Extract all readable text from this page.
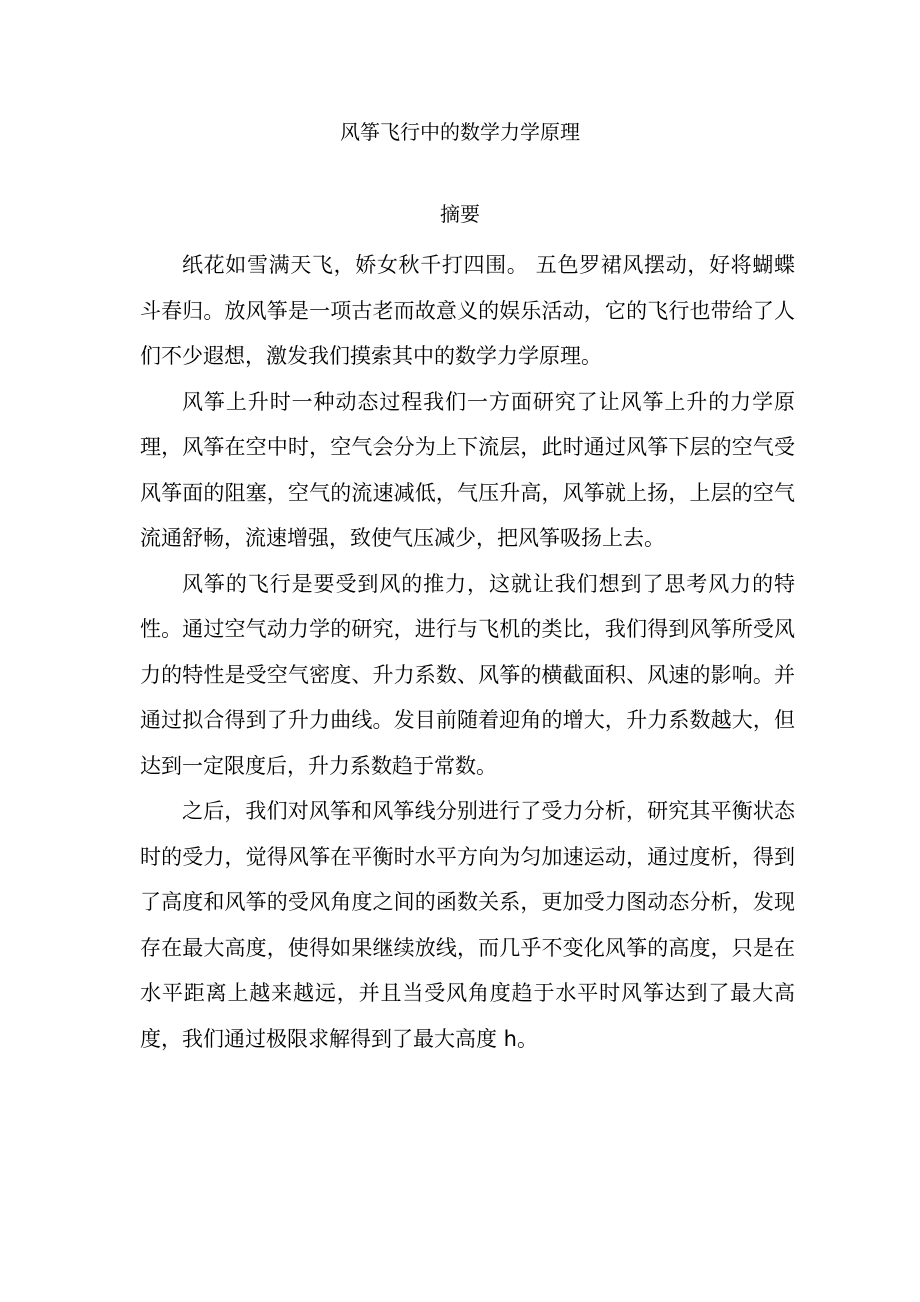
风筝飞行中的数学力学原理
摘要

纸花如雪满天飞，娇女秋千打四围。 五色罗裙风摆动，好将蝴蝶斗春归。放风筝是一项古老而故意义的娱乐活动，它的飞行也带给了人们不少遐想，激发我们摸索其中的数学力学原理。

风筝上升时一种动态过程我们一方面研究了让风筝上升的力学原理，风筝在空中时，空气会分为上下流层，此时通过风筝下层的空气受风筝面的阻塞，空气的流速减低，气压升高，风筝就上扬，上层的空气流通舒畅，流速增强，致使气压减少，把风筝吸扬上去。

风筝的飞行是要受到风的推力，这就让我们想到了思考风力的特性。通过空气动力学的研究，进行与飞机的类比，我们得到风筝所受风力的特性是受空气密度、升力系数、风筝的横截面积、风速的影响。并通过拟合得到了升力曲线。发目前随着迎角的增大，升力系数越大，但达到一定限度后，升力系数趋于常数。

之后，我们对风筝和风筝线分别进行了受力分析，研究其平衡状态时的受力，觉得风筝在平衡时水平方向为匀加速运动，通过度析，得到了高度和风筝的受风角度之间的函数关系，更加受力图动态分析，发现存在最大高度，使得如果继续放线，而几乎不变化风筝的高度，只是在水平距离上越来越远，并且当受风角度趋于水平时风筝达到了最大高度，我们通过极限求解得到了最大高度 h。
